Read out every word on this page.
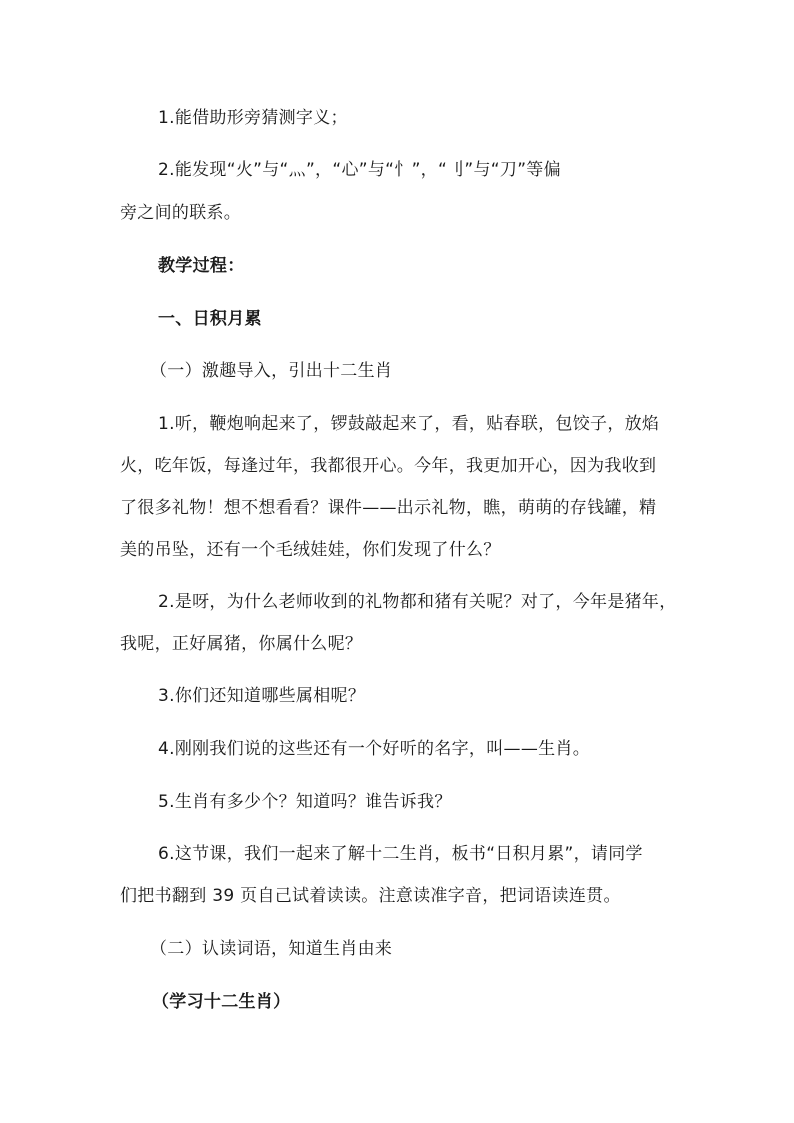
1.能借助形旁猜测字义；
2.能发现“火”与“灬”，“心”与“忄”，“刂”与“刀”等偏
旁之间的联系。
教学过程：
一、日积月累
（一）激趣导入，引出十二生肖
1.听，鞭炮响起来了，锣鼓敲起来了，看，贴春联，包饺子，放焰
火，吃年饭，每逢过年，我都很开心。今年，我更加开心，因为我收到
了很多礼物！想不想看看？课件——出示礼物，瞧，萌萌的存钱罐，精
美的吊坠，还有一个毛绒娃娃，你们发现了什么？
2.是呀，为什么老师收到的礼物都和猪有关呢？对了，今年是猪年，
我呢，正好属猪，你属什么呢？
3.你们还知道哪些属相呢？
4.刚刚我们说的这些还有一个好听的名字，叫——生肖。
5.生肖有多少个？知道吗？谁告诉我？
6.这节课，我们一起来了解十二生肖，板书“日积月累”，请同学
们把书翻到 39 页自己试着读读。注意读准字音，把词语读连贯。
（二）认读词语，知道生肖由来
（学习十二生肖）
